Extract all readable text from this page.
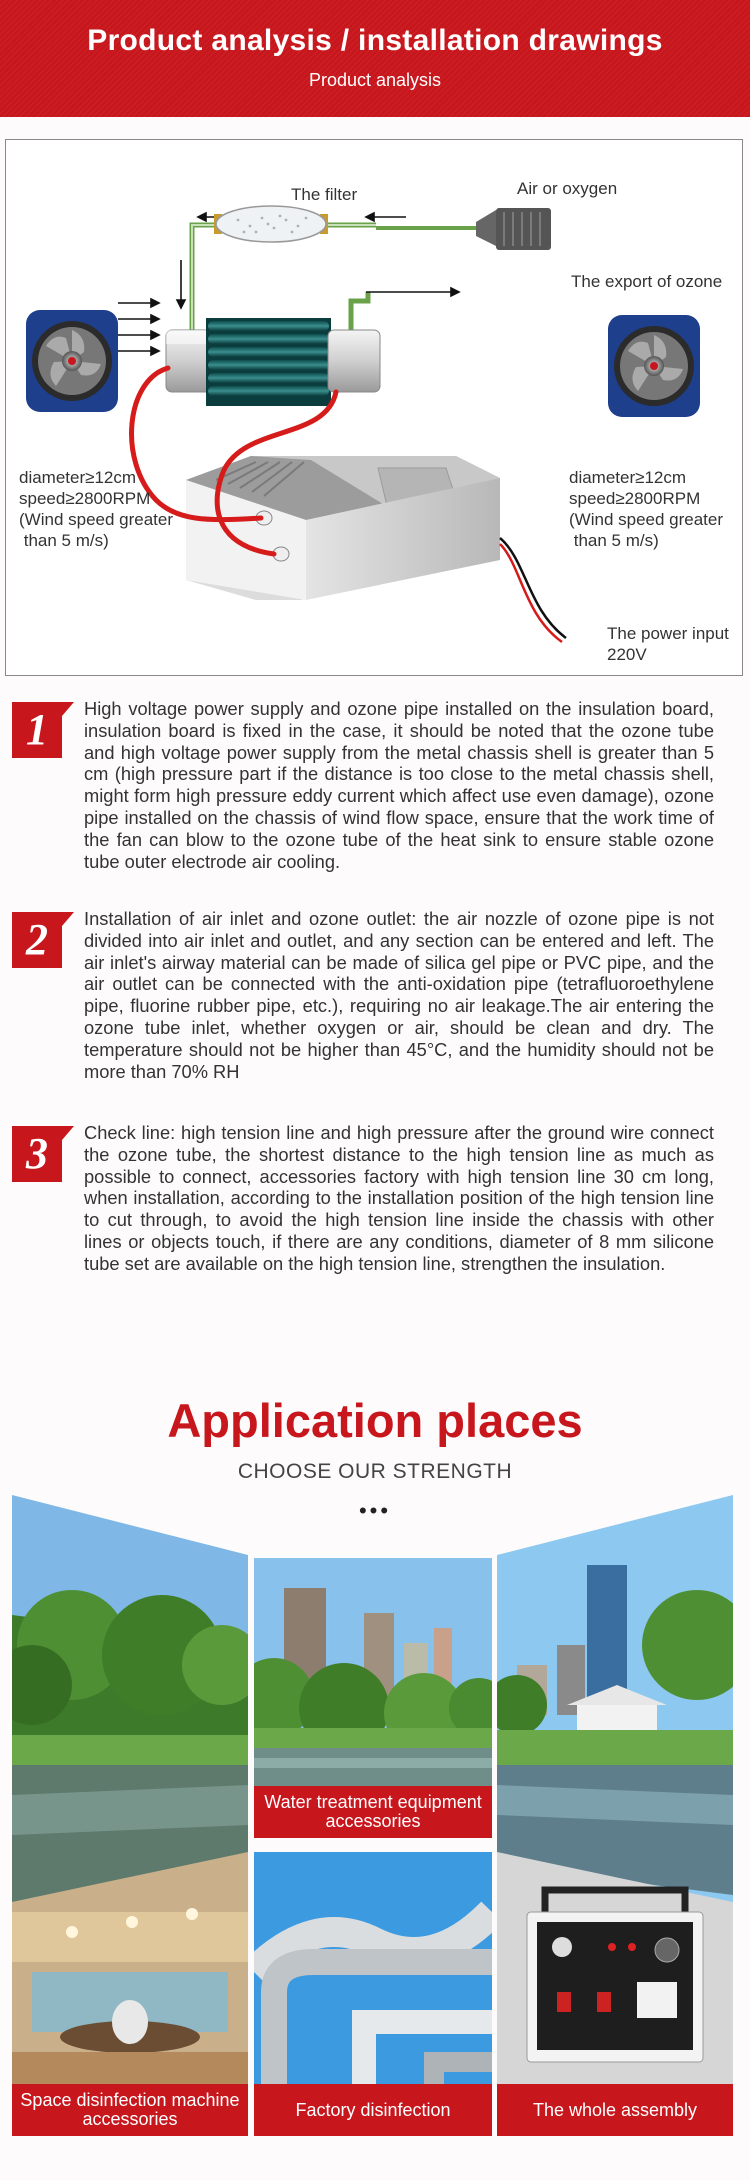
Product analysis / installation drawings
Product analysis
The filter	Air or oxygen
The export of ozone
diameter≥12cm
speed≥2800RPM
(Wind speed greater
than 5 m/s)
diameter≥12cm
speed≥2800RPM
(Wind speed greater
than 5 m/s)
The power input
220V
1	High voltage power supply and ozone pipe installed on the insulation board, insulation board is fixed in the case, it should be noted that the ozone tube and high voltage power supply from the metal chassis shell is greater than 5 cm (high pressure part if the distance is too close to the metal chassis shell, might form high pressure eddy current which affect use even damage), ozone pipe installed on the chassis of wind flow space, ensure that the work time of the fan can blow to the ozone tube of the heat sink to ensure stable ozone tube outer electrode air cooling.

2	Installation of air inlet and ozone outlet: the air nozzle of ozone pipe is not divided into air inlet and outlet, and any section can be entered and left. The air inlet's airway material can be made of silica gel pipe or PVC pipe, and the air outlet can be connected with the anti-oxidation pipe (tetrafluoroethylene pipe, fluorine rubber pipe, etc.), requiring no air leakage.The air entering the ozone tube inlet, whether oxygen or air, should be clean and dry. The temperature should not be higher than 45°C, and the humidity should not be more than 70% RH

3	Check line: high tension line and high pressure after the ground wire connect the ozone tube, the shortest distance to the high tension line as much as possible to connect, accessories factory with high tension line 30 cm long, when installation, according to the installation position of the high tension line to cut through, to avoid the high tension line inside the chassis with other lines or objects touch, if there are any conditions, diameter of 8 mm silicone tube set are available on the high tension line, strengthen the insulation.

Application places
CHOOSE OUR STRENGTH
•••
Water treatment equipment accessories
Space disinfection machine accessories	Factory disinfection	The whole assembly
